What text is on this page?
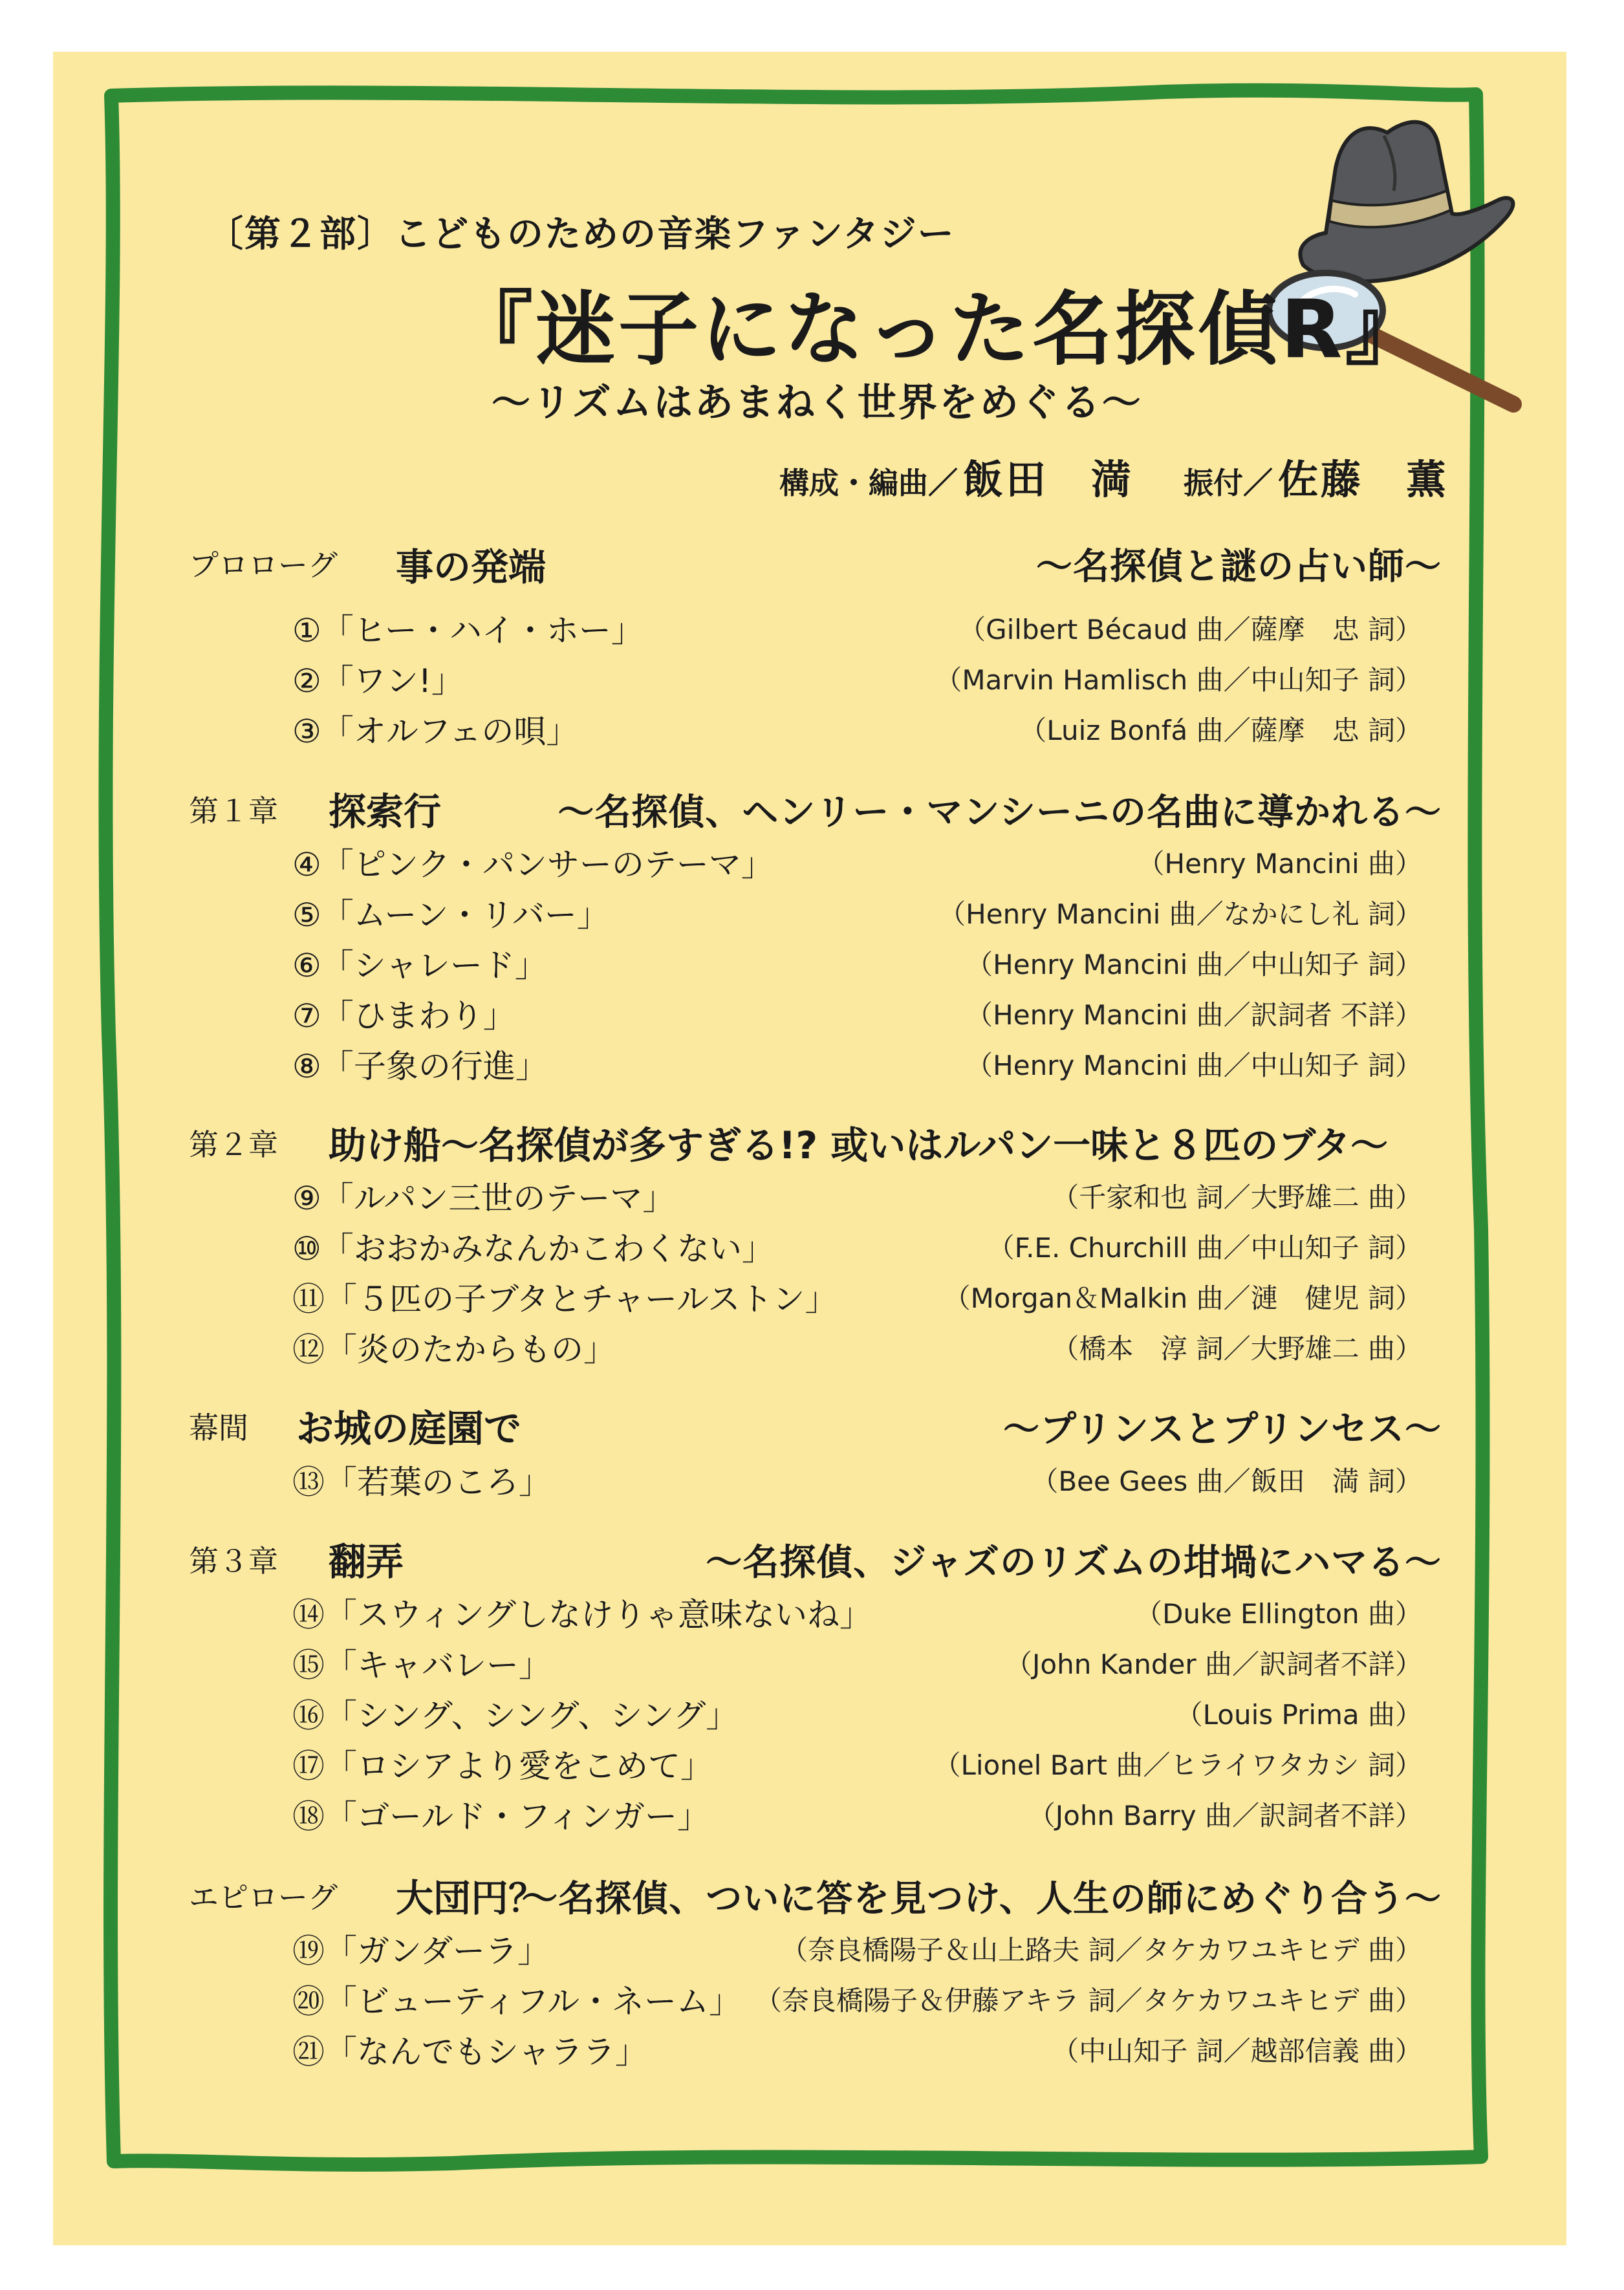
〔第２部〕こどものための音楽ファンタジー
『迷子になった名探偵R』
～リズムはあまねく世界をめぐる～
構成・編曲／ 飯田　満 振付／ 佐藤　薫
プロローグ 事の発端	～名探偵と謎の占い師～
①「ヒー・ハイ・ホー」	（Gilbert Bécaud 曲／薩摩　忠 詞）
②「ワン!」	（Marvin Hamlisch 曲／中山知子 詞）
③「オルフェの唄」	（Luiz Bonfá 曲／薩摩　忠 詞）
第１章 探索行	～名探偵、ヘンリー・マンシーニの名曲に導かれる～
④「ピンク・パンサーのテーマ」	（Henry Mancini 曲）
⑤「ムーン・リバー」	（Henry Mancini 曲／なかにし礼 詞）
⑥「シャレード」	（Henry Mancini 曲／中山知子 詞）
⑦「ひまわり」	（Henry Mancini 曲／訳詞者 不詳）
⑧「子象の行進」	（Henry Mancini 曲／中山知子 詞）
第２章 助け船～名探偵が多すぎる!? 或いはルパン一味と８匹のブタ～
⑨「ルパン三世のテーマ」	（千家和也 詞／大野雄二 曲）
⑩「おおかみなんかこわくない」	（F.E. Churchill 曲／中山知子 詞）
⑪「５匹の子ブタとチャールストン」	（Morgan＆Malkin 曲／漣　健児 詞）
⑫「炎のたからもの」	（橋本　淳 詞／大野雄二 曲）
幕間 お城の庭園で	～プリンスとプリンセス～
⑬「若葉のころ」	（Bee Gees 曲／飯田　満 詞）
第３章 翻弄	～名探偵、ジャズのリズムの坩堝にハマる～
⑭「スウィングしなけりゃ意味ないね」	（Duke Ellington 曲）
⑮「キャバレー」	（John Kander 曲／訳詞者不詳）
⑯「シング、シング、シング」	（Louis Prima 曲）
⑰「ロシアより愛をこめて」	（Lionel Bart 曲／ヒライワタカシ 詞）
⑱「ゴールド・フィンガー」	（John Barry 曲／訳詞者不詳）
エピローグ 大団円？
～名探偵、ついに答を見つけ、人生の師にめぐり合う～
⑲「ガンダーラ」	（奈良橋陽子＆山上路夫 詞／タケカワユキヒデ 曲）
⑳「ビューティフル・ネーム」 （奈良橋陽子＆伊藤アキラ 詞／タケカワユキヒデ 曲）
㉑「なんでもシャララ」	（中山知子 詞／越部信義 曲）
